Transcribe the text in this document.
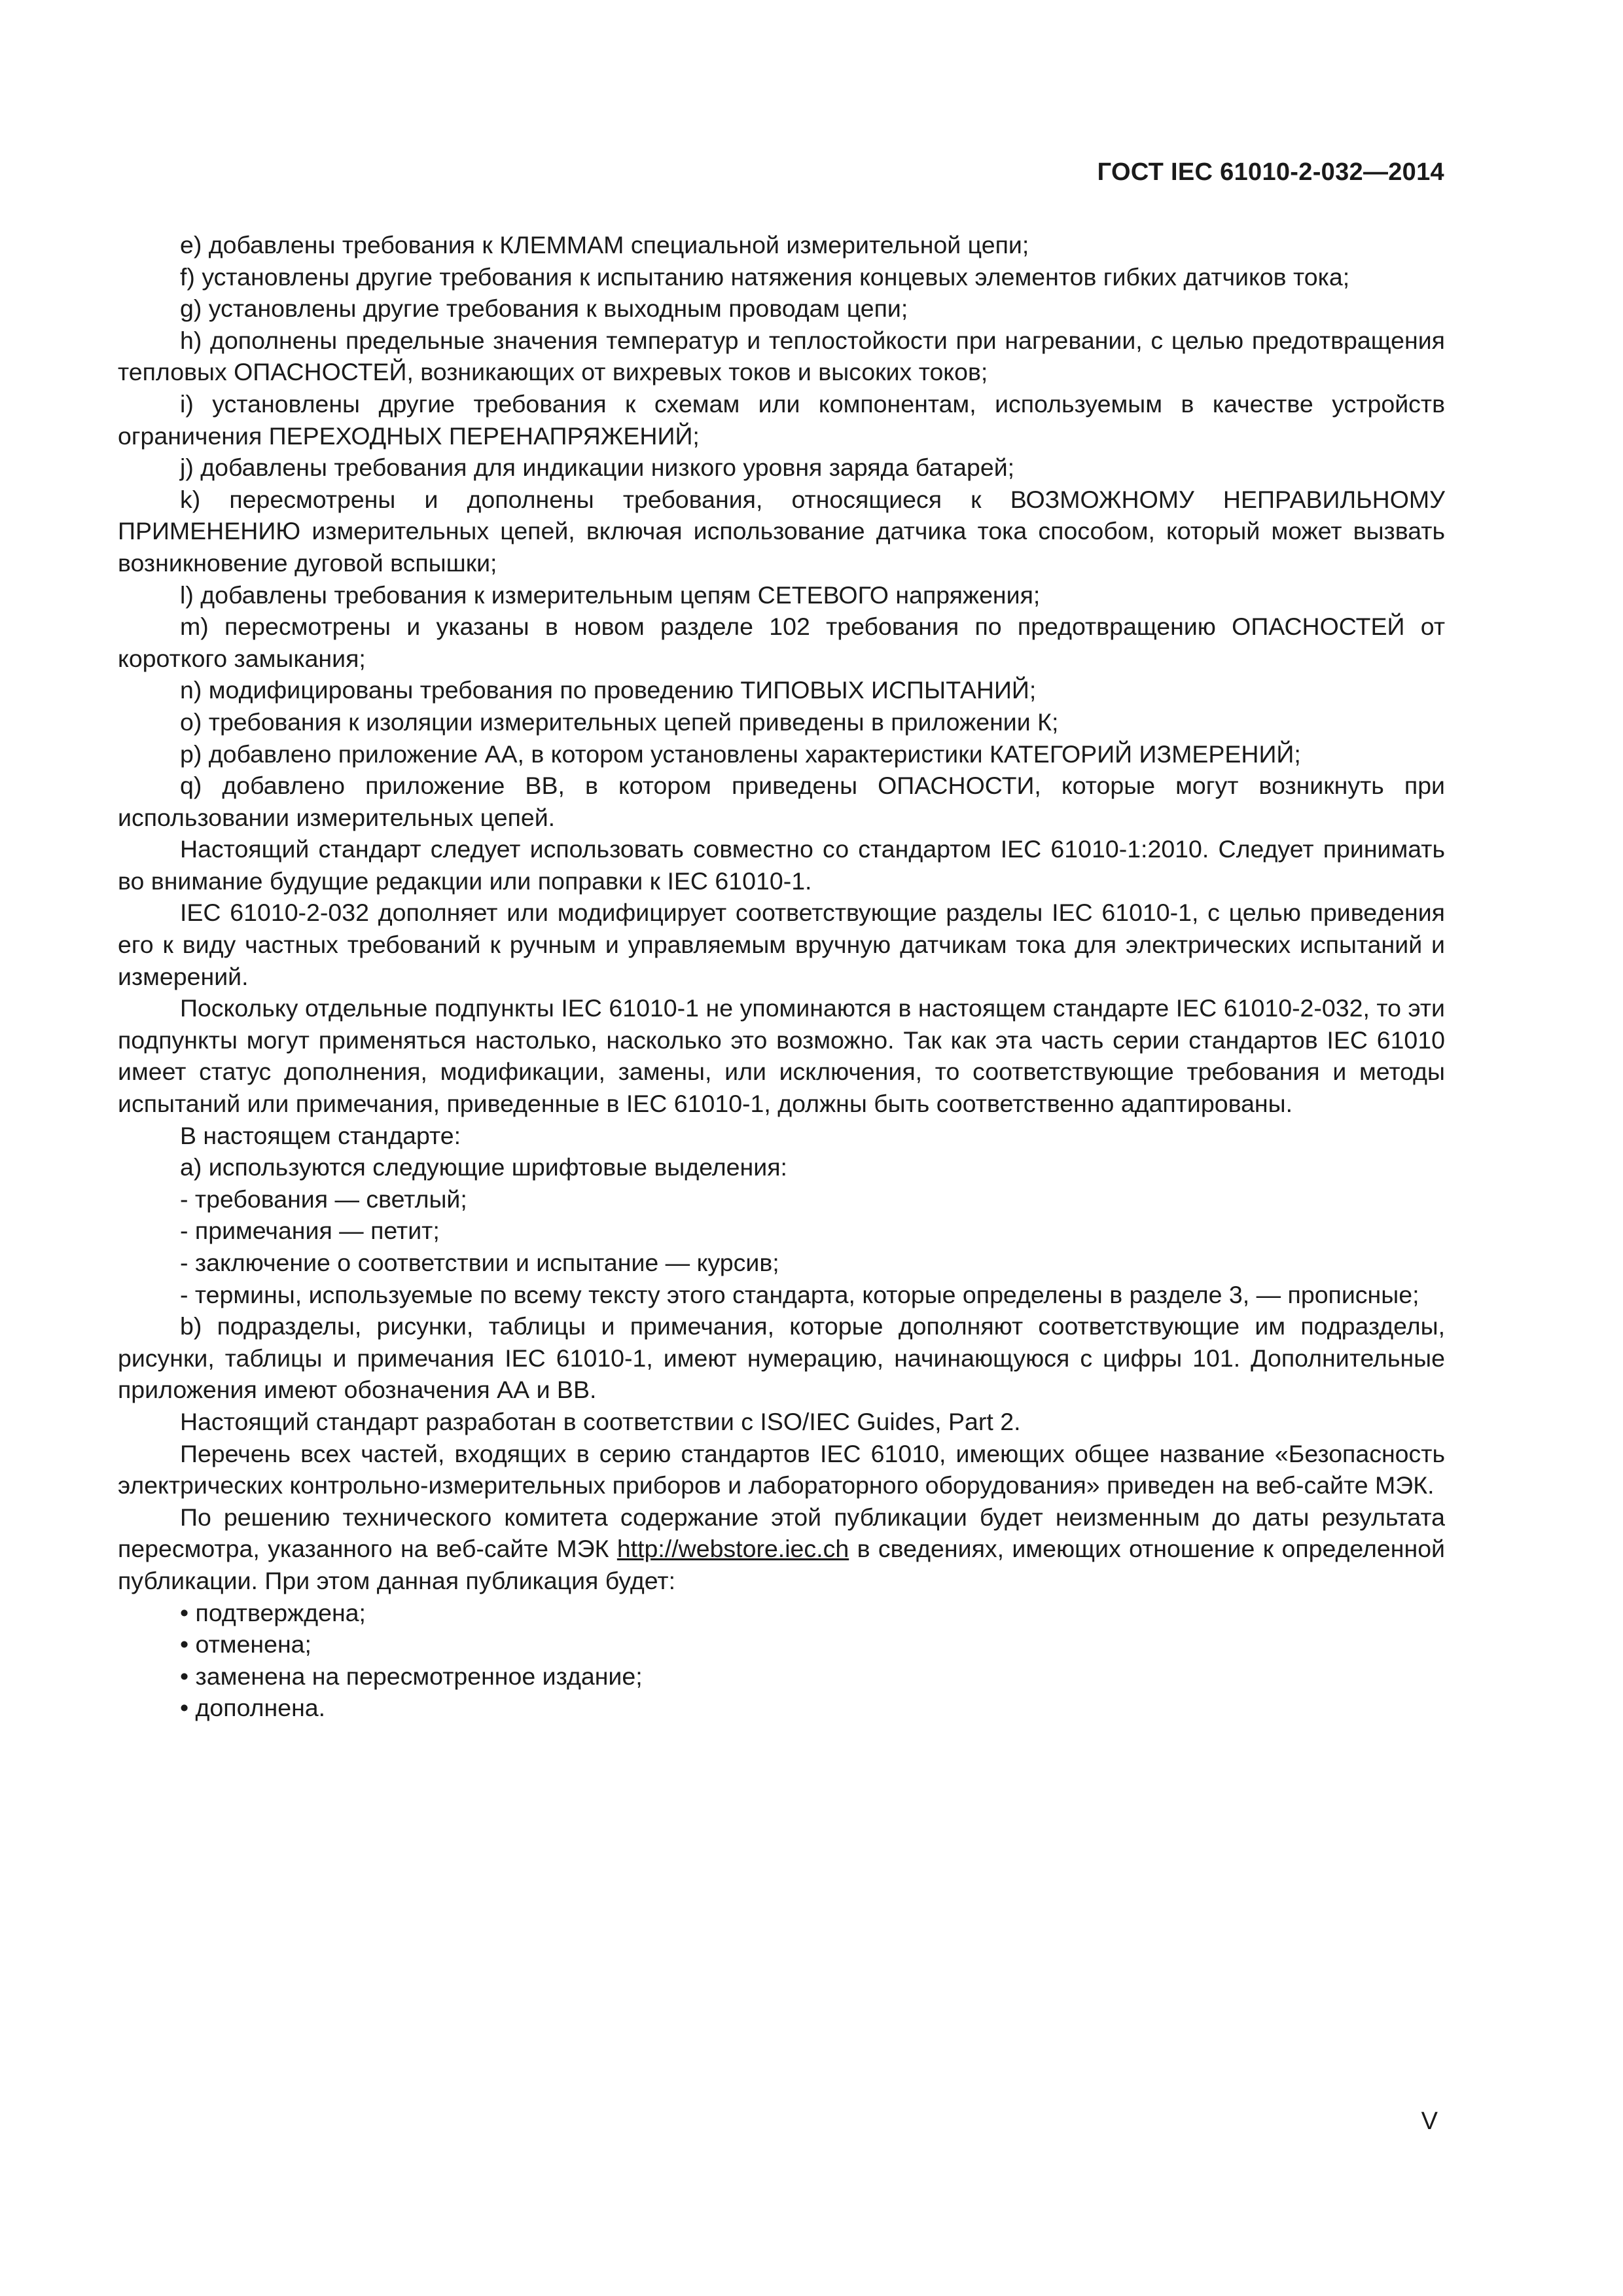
ГОСТ IEC 61010-2-032—2014

e) добавлены требования к КЛЕММАМ специальной измерительной цепи;

f) установлены другие требования к испытанию натяжения концевых элементов гибких датчиков тока;

g) установлены другие требования к выходным проводам цепи;

h) дополнены предельные значения температур и теплостойкости при нагревании, с целью предотвращения тепловых ОПАСНОСТЕЙ, возникающих от вихревых токов и высоких токов;

i) установлены другие требования к схемам или компонентам, используемым в качестве устройств ограничения ПЕРЕХОДНЫХ ПЕРЕНАПРЯЖЕНИЙ;

j) добавлены требования для индикации низкого уровня заряда батарей;

k) пересмотрены и дополнены требования, относящиеся к ВОЗМОЖНОМУ НЕПРАВИЛЬНОМУ ПРИМЕНЕНИЮ измерительных цепей, включая использование датчика тока способом, который может вызвать возникновение дуговой вспышки;

l) добавлены требования к измерительным цепям СЕТЕВОГО напряжения;

m) пересмотрены и указаны в новом разделе 102 требования по предотвращению ОПАСНОСТЕЙ от короткого замыкания;

n) модифицированы требования по проведению ТИПОВЫХ ИСПЫТАНИЙ;

o) требования к изоляции измерительных цепей приведены в приложении К;

p) добавлено приложение АА, в котором установлены характеристики КАТЕГОРИЙ ИЗМЕРЕНИЙ;

q) добавлено приложение ВВ, в котором приведены ОПАСНОСТИ, которые могут возникнуть при использовании измерительных цепей.

Настоящий стандарт следует использовать совместно со стандартом IEC 61010-1:2010. Следует принимать во внимание будущие редакции или поправки к IEC 61010-1.

IEC 61010-2-032 дополняет или модифицирует соответствующие разделы IEC 61010-1, с целью приведения его к виду частных требований к ручным и управляемым вручную датчикам тока для электрических испытаний и измерений.

Поскольку отдельные подпункты IEC 61010-1 не упоминаются в настоящем стандарте IEC 61010-2-032, то эти подпункты могут применяться настолько, насколько это возможно. Так как эта часть серии стандартов IEC 61010 имеет статус дополнения, модификации, замены, или исключения, то соответствующие требования и методы испытаний или примечания, приведенные в IEC 61010-1, должны быть соответственно адаптированы.

В настоящем стандарте:

а) используются следующие шрифтовые выделения:

- требования — светлый;

- примечания — петит;

- заключение о соответствии и испытание — курсив;

- термины, используемые по всему тексту этого стандарта, которые определены в разделе 3, — прописные;

b) подразделы, рисунки, таблицы и примечания, которые дополняют соответствующие им подразделы, рисунки, таблицы и примечания IEC 61010-1, имеют нумерацию, начинающуюся с цифры 101. Дополнительные приложения имеют обозначения АА и ВВ.

Настоящий стандарт разработан в соответствии с ISO/IEC Guides, Part 2.

Перечень всех частей, входящих в серию стандартов IEC 61010, имеющих общее название «Безопасность электрических контрольно-измерительных приборов и лабораторного оборудования» приведен на веб-сайте МЭК.

По решению технического комитета содержание этой публикации будет неизменным до даты результата пересмотра, указанного на веб-сайте МЭК http://webstore.iec.ch в сведениях, имеющих отношение к определенной публикации. При этом данная публикация будет:

• подтверждена;

• отменена;

• заменена на пересмотренное издание;

• дополнена.

V
